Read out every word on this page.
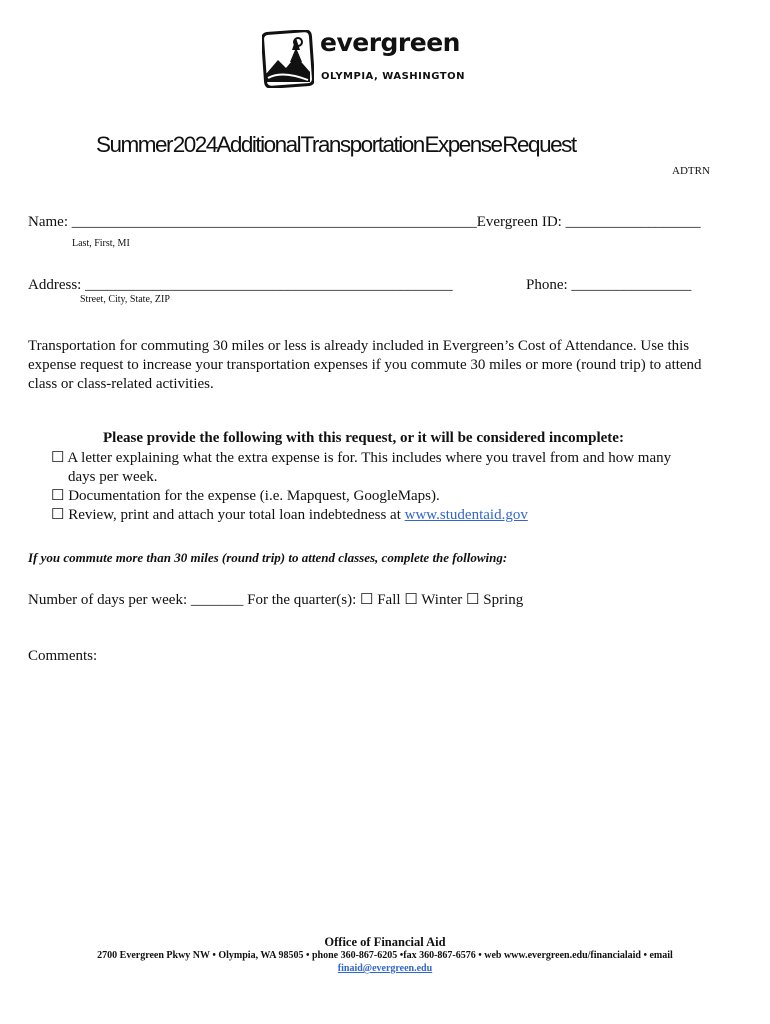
evergreen
OLYMPIA, WASHINGTON
Summer 2024 Additional Transportation Expense Request
ADTRN
Name: ______________________________________________________Evergreen ID: __________________
Last, First, MI
Address: _________________________________________________	Phone: ________________
Street, City, State, ZIP
Transportation for commuting 30 miles or less is already included in Evergreen’s Cost of Attendance. Use this expense request to increase your transportation expenses if you commute 30 miles or more (round trip) to attend class or class-related activities.
Please provide the following with this request, or it will be considered incomplete:
☐ A letter explaining what the extra expense is for. This includes where you travel from and how many
days per week.
☐ Documentation for the expense (i.e. Mapquest, GoogleMaps).
☐ Review, print and attach your total loan indebtedness at www.studentaid.gov
If you commute more than 30 miles (round trip) to attend classes, complete the following:
Number of days per week: _______ For the quarter(s): ☐ Fall ☐ Winter ☐ Spring
Comments:
Office of Financial Aid
2700 Evergreen Pkwy NW • Olympia, WA 98505 • phone 360-867-6205 •fax 360-867-6576 • web www.evergreen.edu/financialaid • email
finaid@evergreen.edu
